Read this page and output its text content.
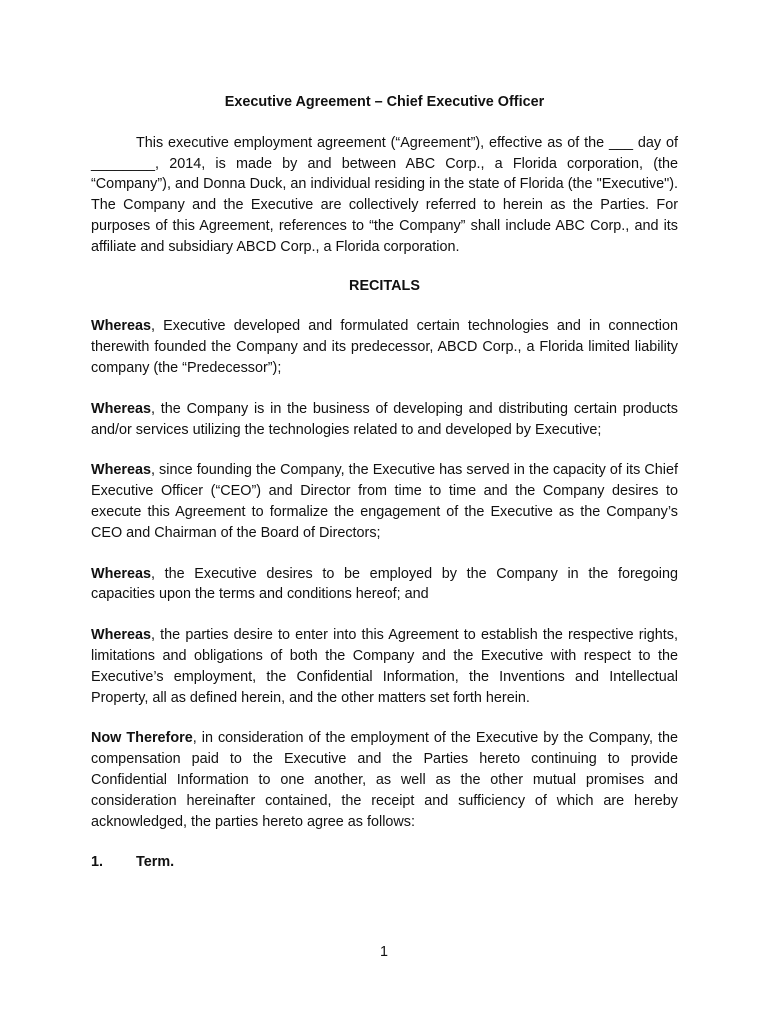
Executive Agreement – Chief Executive Officer

This executive employment agreement (“Agreement”), effective as of the ___ day of ________, 2014, is made by and between ABC Corp., a Florida corporation, (the “Company”), and Donna Duck, an individual residing in the state of Florida (the "Executive"). The Company and the Executive are collectively referred to herein as the Parties. For purposes of this Agreement, references to “the Company” shall include ABC Corp., and its affiliate and subsidiary ABCD Corp., a Florida corporation.

RECITALS

Whereas, Executive developed and formulated certain technologies and in connection therewith founded the Company and its predecessor, ABCD Corp., a Florida limited liability company (the “Predecessor”);

Whereas, the Company is in the business of developing and distributing certain products and/or services utilizing the technologies related to and developed by Executive;

Whereas, since founding the Company, the Executive has served in the capacity of its Chief Executive Officer (“CEO”) and Director from time to time and the Company desires to execute this Agreement to formalize the engagement of the Executive as the Company’s CEO and Chairman of the Board of Directors;

Whereas, the Executive desires to be employed by the Company in the foregoing capacities upon the terms and conditions hereof; and

Whereas, the parties desire to enter into this Agreement to establish the respective rights, limitations and obligations of both the Company and the Executive with respect to the Executive’s employment, the Confidential Information, the Inventions and Intellectual Property, all as defined herein, and the other matters set forth herein.

Now Therefore, in consideration of the employment of the Executive by the Company, the compensation paid to the Executive and the Parties hereto continuing to provide Confidential Information to one another, as well as the other mutual promises and consideration hereinafter contained, the receipt and sufficiency of which are hereby acknowledged, the parties hereto agree as follows:

1. Term.

1
